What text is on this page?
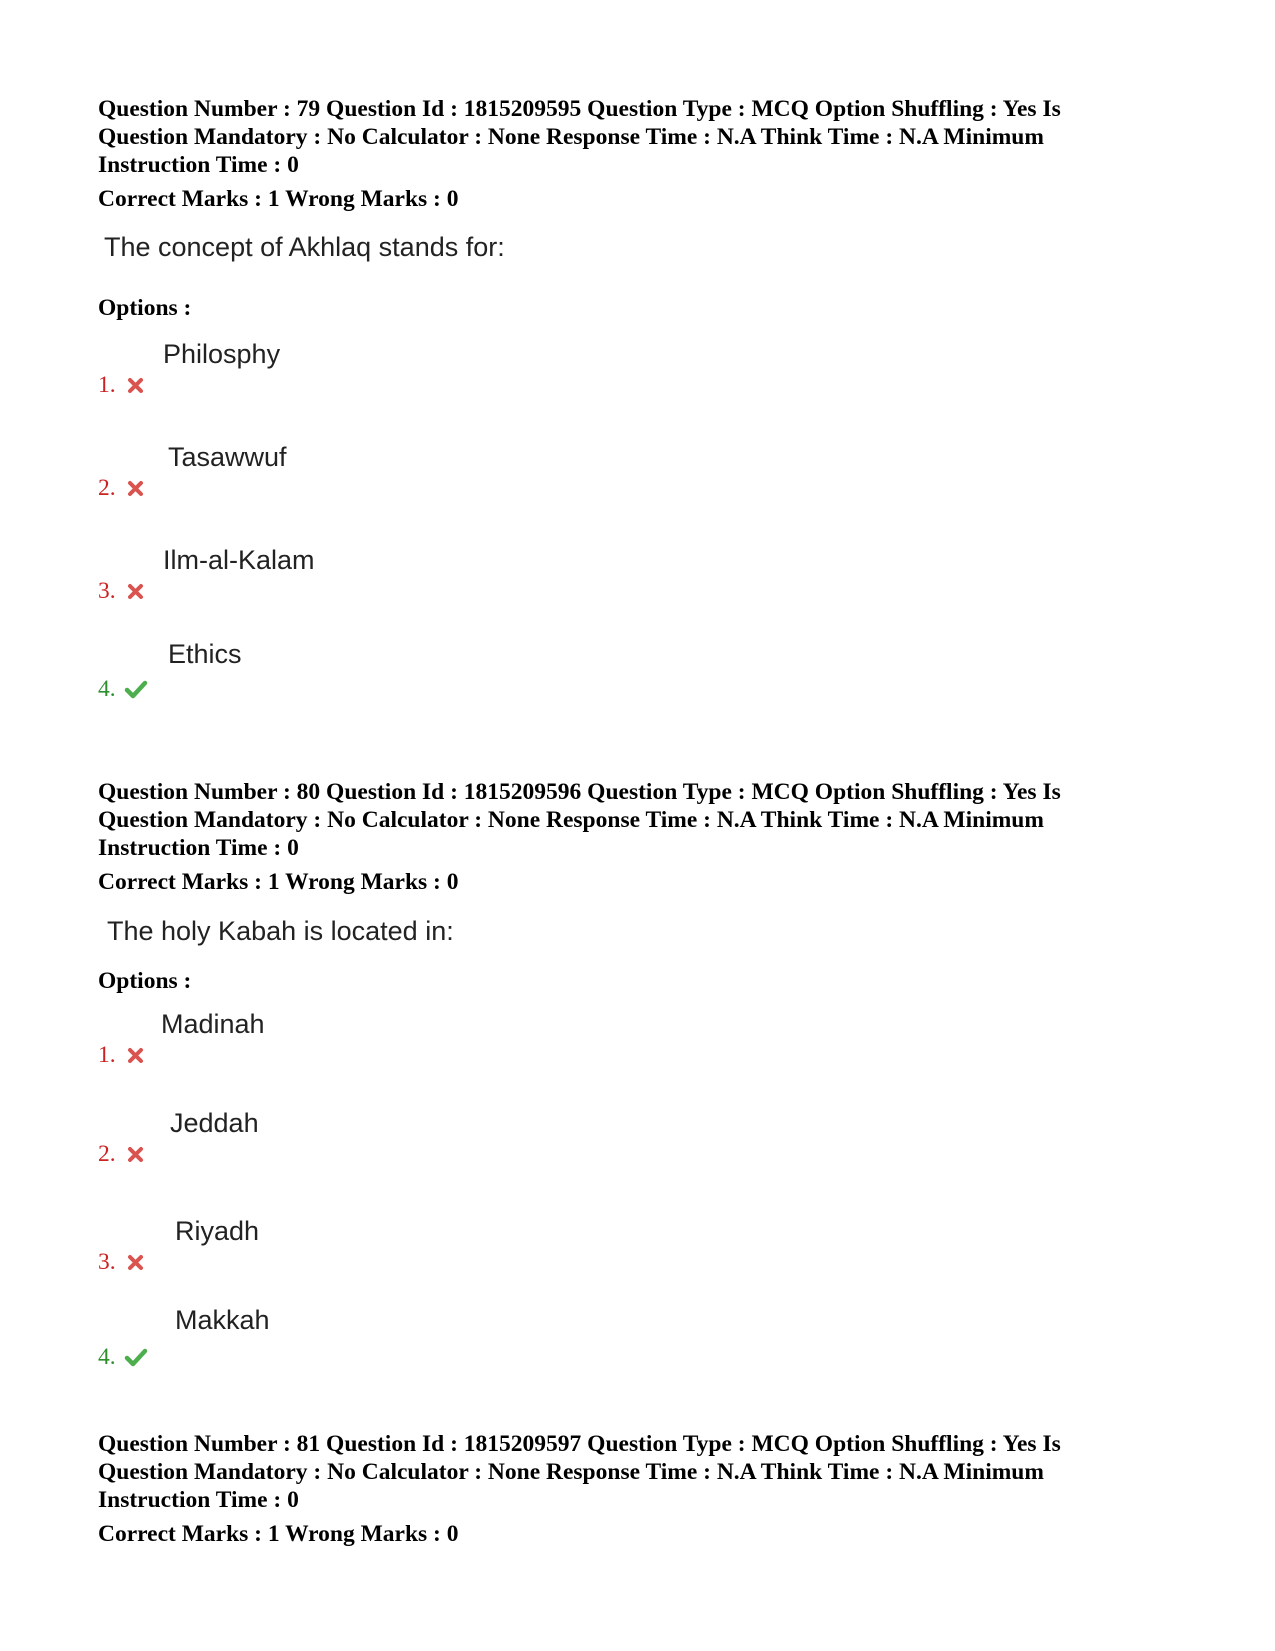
Question Number : 79 Question Id : 1815209595 Question Type : MCQ Option Shuffling : Yes Is
Question Mandatory : No Calculator : None Response Time : N.A Think Time : N.A Minimum
Instruction Time : 0
Correct Marks : 1 Wrong Marks : 0
The concept of Akhlaq stands for:
Options :
1.
Philosphy
2.
Tasawwuf
3.
Ilm-al-Kalam
4.
Ethics
Question Number : 80 Question Id : 1815209596 Question Type : MCQ Option Shuffling : Yes Is
Question Mandatory : No Calculator : None Response Time : N.A Think Time : N.A Minimum
Instruction Time : 0
Correct Marks : 1 Wrong Marks : 0
The holy Kabah is located in:
Options :
1.
Madinah
2.
Jeddah
3.
Riyadh
4.
Makkah
Question Number : 81 Question Id : 1815209597 Question Type : MCQ Option Shuffling : Yes Is
Question Mandatory : No Calculator : None Response Time : N.A Think Time : N.A Minimum
Instruction Time : 0
Correct Marks : 1 Wrong Marks : 0
